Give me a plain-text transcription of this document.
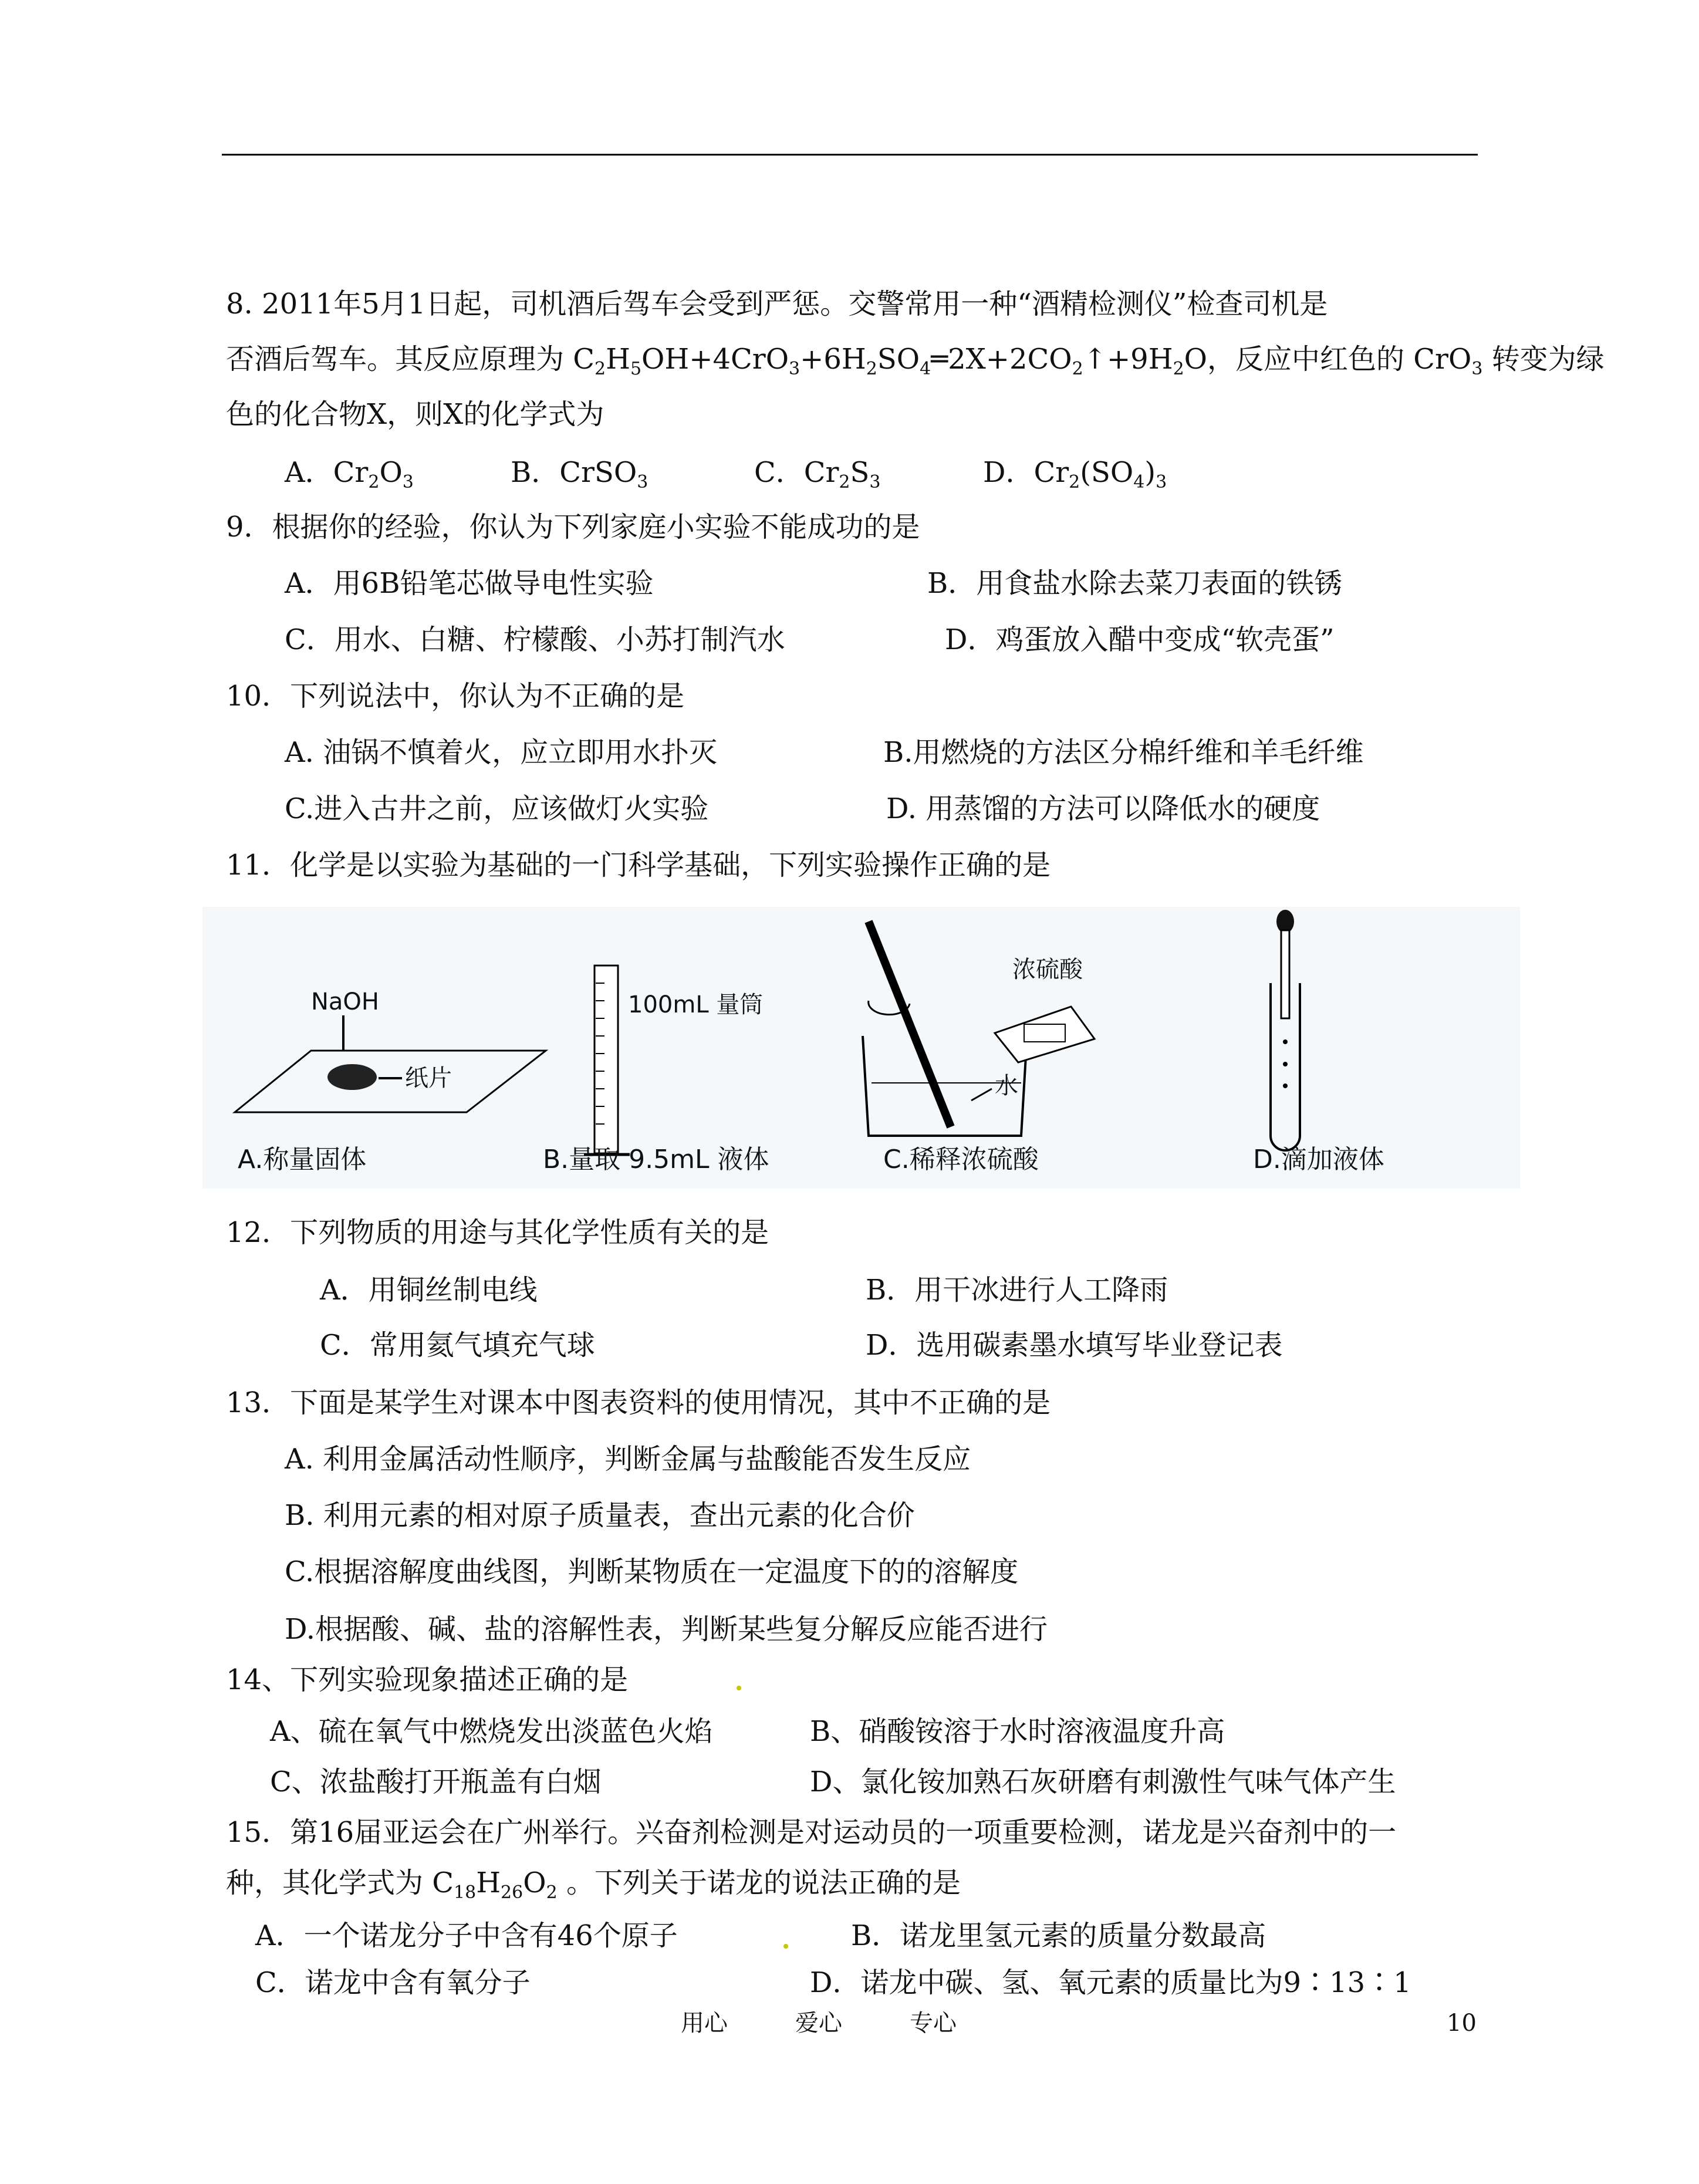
8. 2011年5月1日起，司机酒后驾车会受到严惩。交警常用一种“酒精检测仪”检查司机是
否酒后驾车。其反应原理为 $C_2H_5OH+4CrO_3+6H_2SO_4═2X+2CO_2↑+9H_2O$，反应中红色的 CrO$_3$ 转变为绿
色的化合物X，则X的化学式为
A．$Cr_2O_3$	B．CrSO$_3$	C．$Cr_2S_3$	D．$Cr_2(SO_4)_3$
9．根据你的经验，你认为下列家庭小实验不能成功的是
A．用6B铅笔芯做导电性实验	B．用食盐水除去菜刀表面的铁锈
C．用水、白糖、柠檬酸、小苏打制汽水	D．鸡蛋放入醋中变成“软壳蛋”
10．下列说法中，你认为不正确的是
A. 油锅不慎着火，应立即用水扑灭	B.用燃烧的方法区分棉纤维和羊毛纤维
C.进入古井之前，应该做灯火实验	D. 用蒸馏的方法可以降低水的硬度
11．化学是以实验为基础的一门科学基础，下列实验操作正确的是
NaOH
纸片
A.称量固体
100mL 量筒
B.量取 9.5mL 液体
浓硫酸
水
C.稀释浓硫酸	D.滴加液体
12．下列物质的用途与其化学性质有关的是
A．用铜丝制电线	B．用干冰进行人工降雨
C．常用氦气填充气球	D．选用碳素墨水填写毕业登记表
13．下面是某学生对课本中图表资料的使用情况，其中不正确的是
A. 利用金属活动性顺序，判断金属与盐酸能否发生反应
B. 利用元素的相对原子质量表，查出元素的化合价
C.根据溶解度曲线图，判断某物质在一定温度下的的溶解度
D.根据酸、碱、盐的溶解性表，判断某些复分解反应能否进行
14、下列实验现象描述正确的是
A、硫在氧气中燃烧发出淡蓝色火焰	B、硝酸铵溶于水时溶液温度升高
C、浓盐酸打开瓶盖有白烟	D、氯化铵加熟石灰研磨有刺激性气味气体产生
15．第16届亚运会在广州举行。兴奋剂检测是对运动员的一项重要检测，诺龙是兴奋剂中的一
种，其化学式为 $C_{18}H_{26}O_2$ 。下列关于诺龙的说法正确的是
A．一个诺龙分子中含有46个原子	B．诺龙里氢元素的质量分数最高
C．诺龙中含有氧分子	D．诺龙中碳、氢、氧元素的质量比为9∶13∶1
用心	爱心	专心	10
